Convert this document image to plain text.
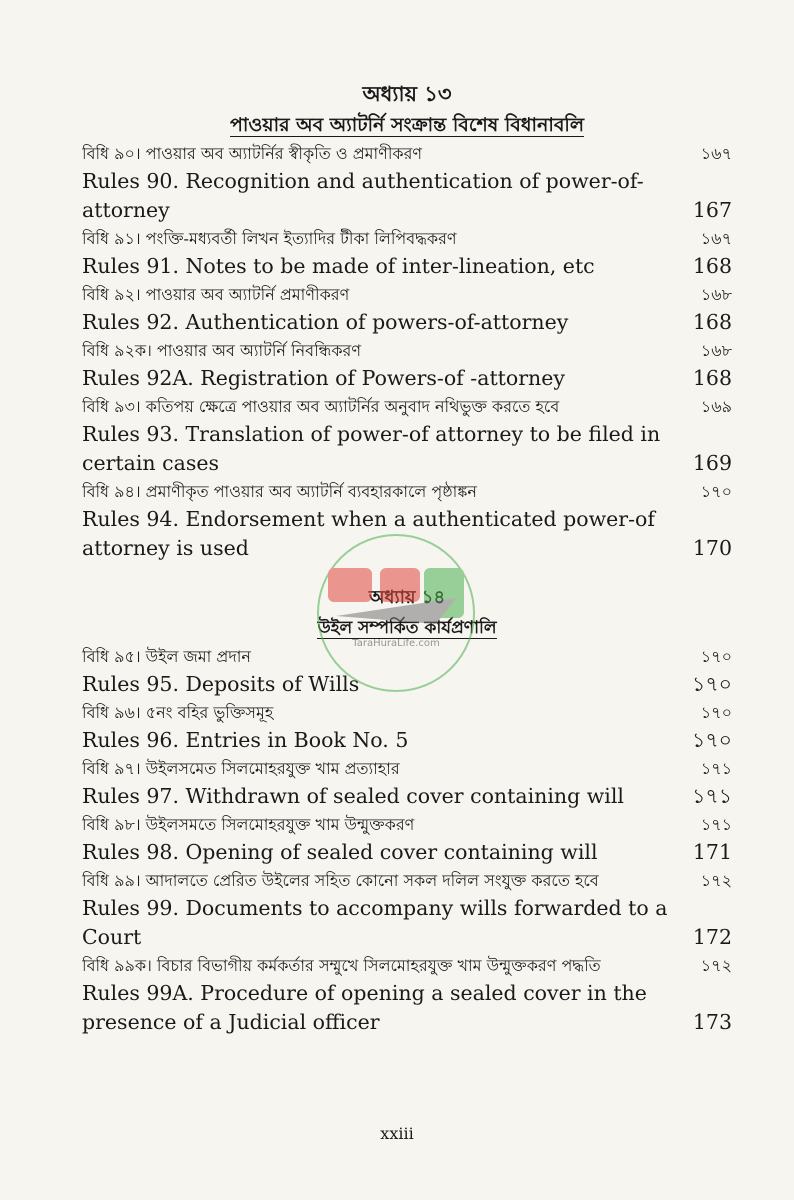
অধ্যায় ১৩
পাওয়ার অব অ্যাটর্নি সংক্রান্ত বিশেষ বিধানাবলি
বিধি ৯০। পাওয়ার অব অ্যাটর্নির স্বীকৃতি ও প্রমাণীকরণ	১৬৭
Rules 90. Recognition and authentication of power-of-attorney	167
বিধি ৯১। পংক্তি-মধ্যবর্তী লিখন ইত্যাদির টীকা লিপিবদ্ধকরণ	১৬৭
Rules 91. Notes to be made of inter-lineation, etc	168
বিধি ৯২। পাওয়ার অব অ্যাটর্নি প্রমাণীকরণ	১৬৮
Rules 92. Authentication of powers-of-attorney	168
বিধি ৯২ক। পাওয়ার অব অ্যাটর্নি নিবন্ধিকরণ	১৬৮
Rules 92A. Registration of Powers-of -attorney	168
বিধি ৯৩। কতিপয় ক্ষেত্রে পাওয়ার অব অ্যাটর্নির অনুবাদ নথিভুক্ত করতে হবে	১৬৯
Rules 93. Translation of power-of attorney to be filed in certain cases	169
বিধি ৯৪। প্রমাণীকৃত পাওয়ার অব অ্যাটর্নি ব্যবহারকালে পৃষ্ঠাঙ্কন	১৭০
Rules 94. Endorsement when a authenticated power-of attorney is used	170
উইল সম্পর্কিত কার্যপ্রণালি
বিধি ৯৫। উইল জমা প্রদান	১৭০
Rules 95. Deposits of Wills	১৭০
বিধি ৯৬। ৫নং বহির ভুক্তিসমূহ	১৭০
Rules 96. Entries in Book No. 5	১৭০
বিধি ৯৭। উইলসমেত সিলমোহরযুক্ত খাম প্রত্যাহার	১৭১
Rules 97. Withdrawn of sealed cover containing will	১৭১
বিধি ৯৮। উইলসমতে সিলমোহরযুক্ত খাম উন্মুক্তকরণ	১৭১
Rules 98. Opening of sealed cover containing will	171
বিধি ৯৯। আদালতে প্রেরিত উইলের সহিত কোনো সকল দলিল সংযুক্ত করতে হবে	১৭২
Rules 99. Documents to accompany wills forwarded to a Court	172
বিধি ৯৯ক। বিচার বিভাগীয় কর্মকর্তার সম্মুখে সিলমোহরযুক্ত খাম উন্মুক্তকরণ পদ্ধতি	১৭২
Rules 99A. Procedure of opening a sealed cover in the presence of a Judicial officer	173
TaraHuraLife.com
xxiii
